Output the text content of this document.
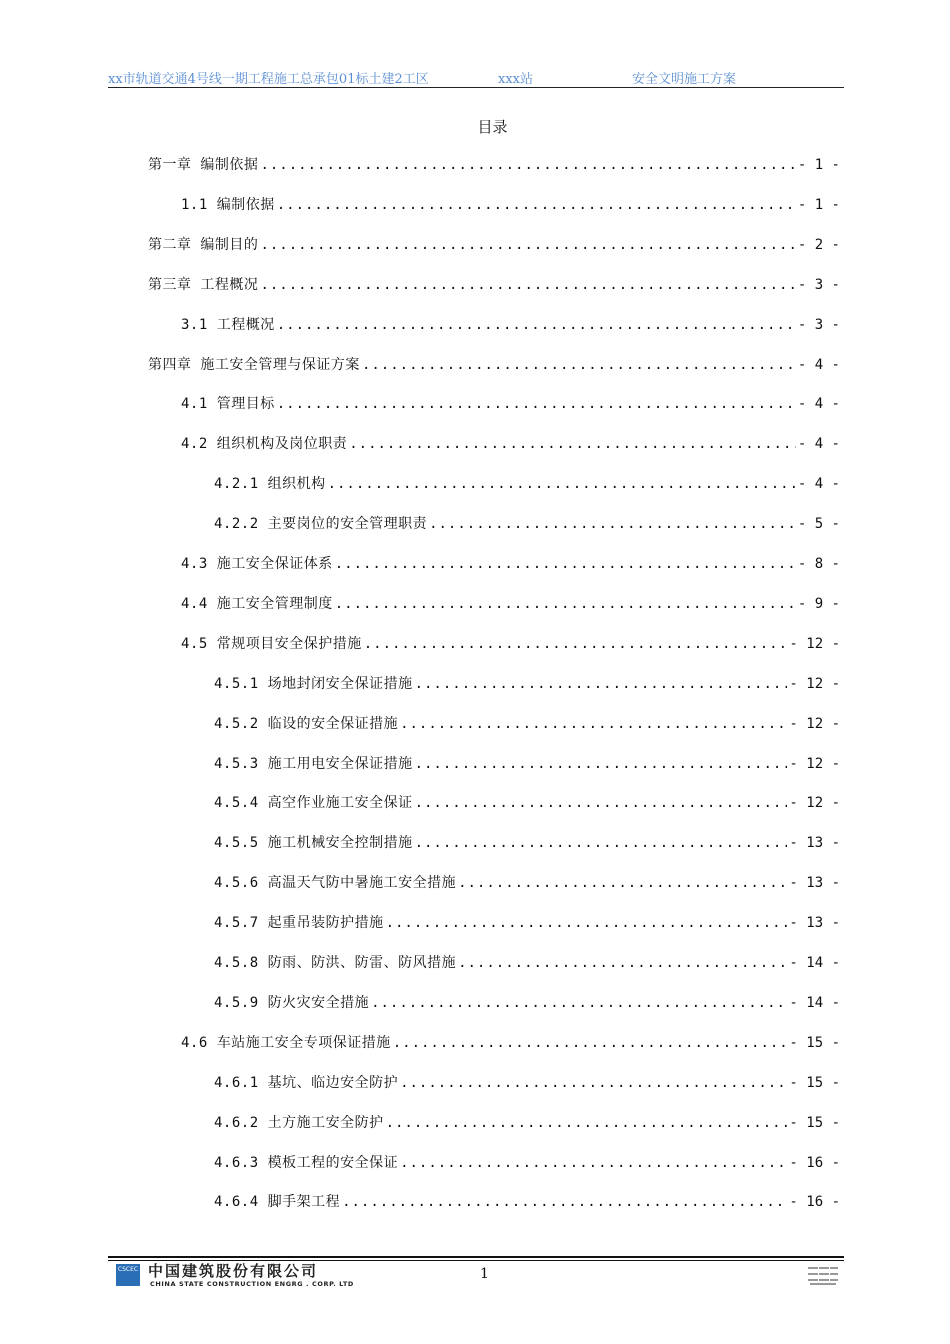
xx市轨道交通4号线一期工程施工总承包01标土建2工区	xxx站	安全文明施工方案
目录
第一章 编制依据 .....	- 1 -
1.1 编制依据 .....	- 1 -
第二章 编制目的 .....	- 2 -
第三章 工程概况 .....	- 3 -
3.1 工程概况 .....	- 3 -
第四章 施工安全管理与保证方案 .....	- 4 -
4.1 管理目标 .....	- 4 -
4.2 组织机构及岗位职责 .....	- 4 -
4.2.1 组织机构 .....	- 4 -
4.2.2 主要岗位的安全管理职责 .....	- 5 -
4.3 施工安全保证体系 .....	- 8 -
4.4 施工安全管理制度 .....	- 9 -
4.5 常规项目安全保护措施 .....	- 12 -
4.5.1 场地封闭安全保证措施 .....	- 12 -
4.5.2 临设的安全保证措施 .....	- 12 -
4.5.3 施工用电安全保证措施 .....	- 12 -
4.5.4 高空作业施工安全保证 .....	- 12 -
4.5.5 施工机械安全控制措施 .....	- 13 -
4.5.6 高温天气防中暑施工安全措施 .....	- 13 -
4.5.7 起重吊装防护措施 .....	- 13 -
4.5.8 防雨、防洪、防雷、防风措施 .....	- 14 -
4.5.9 防火灾安全措施 .....	- 14 -
4.6 车站施工安全专项保证措施 .....	- 15 -
4.6.1 基坑、临边安全防护 .....	- 15 -
4.6.2 土方施工安全防护 .....	- 15 -
4.6.3 模板工程的安全保证 .....	- 16 -
4.6.4 脚手架工程 .....	- 16 -
CSCEC 中国建筑股份有限公司
CHINA STATE CONSTRUCTION ENGRG . CORP. LTD
1
